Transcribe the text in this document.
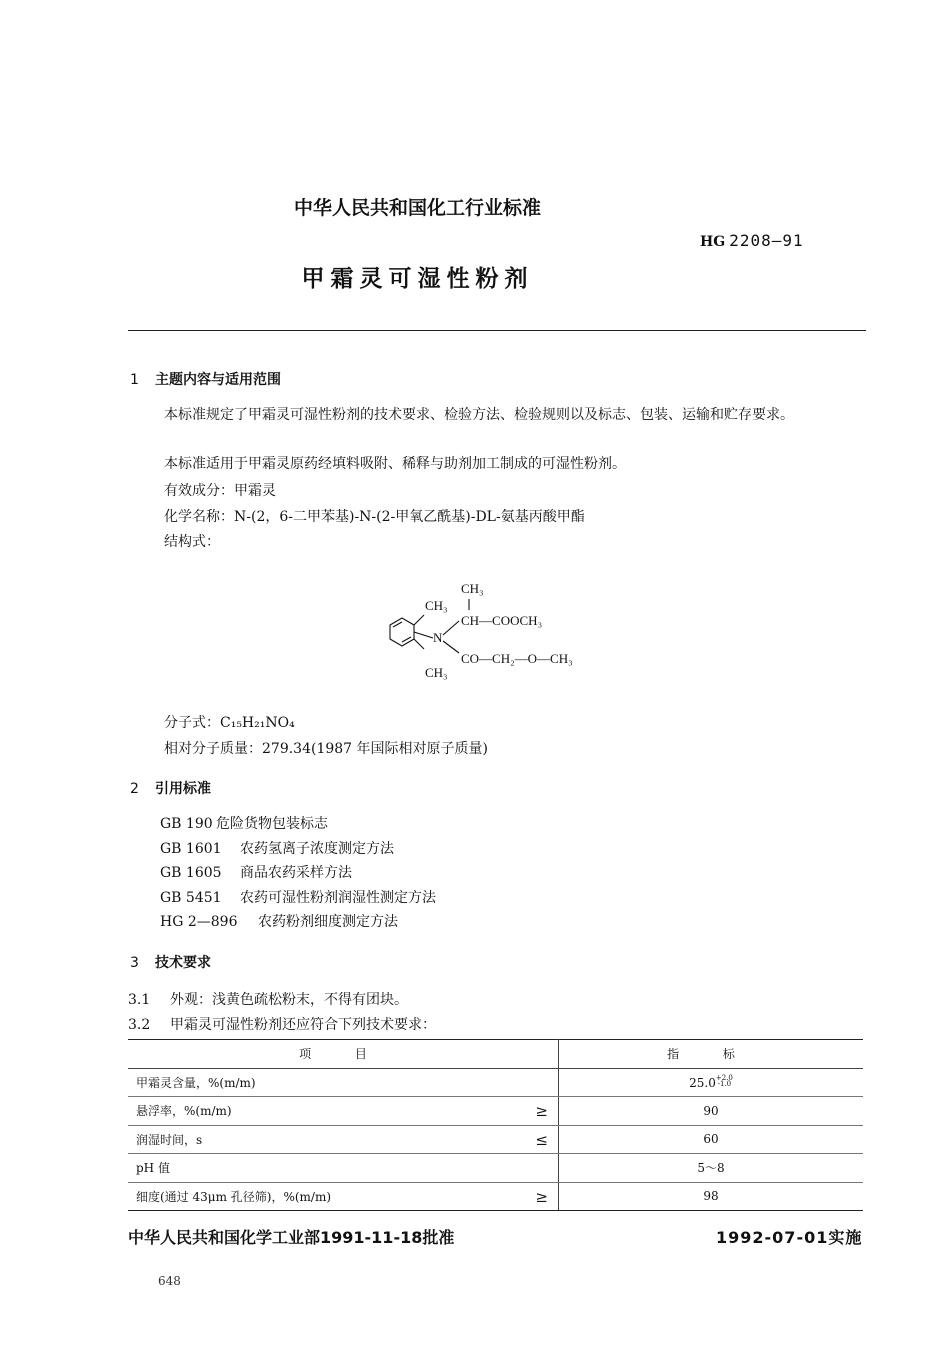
中华人民共和国化工行业标准
HG 2208—91
甲霜灵可湿性粉剂
1 主题内容与适用范围
本标准规定了甲霜灵可湿性粉剂的技术要求、检验方法、检验规则以及标志、包装、运输和贮存要求。
本标准适用于甲霜灵原药经填料吸附、稀释与助剂加工制成的可湿性粉剂。
有效成分：甲霜灵
化学名称：N-(2，6-二甲苯基)-N-(2-甲氧乙酰基)-DL-氨基丙酸甲酯
结构式：
CH₃
CH₃
CH—COOCH₃
N
CO—CH₂—O—CH₃
CH₃
分子式：C₁₅H₂₁NO₄
相对分子质量：279.34(1987 年国际相对原子质量)
2 引用标准
GB 190 危险货物包装标志
GB 1601 农药氢离子浓度测定方法
GB 1605 商品农药采样方法
GB 5451 农药可湿性粉剂润湿性测定方法
HG 2—896 农药粉剂细度测定方法
3 技术要求
3.1 外观：浅黄色疏松粉末，不得有团块。
3.2 甲霜灵可湿性粉剂还应符合下列技术要求：
项 目	指 标
甲霜灵含量，%(m/m)	25.0+2.0
-1.0
悬浮率，%(m/m) ≥	90
润湿时间，s ≤	60
pH 值	5～8
细度(通过 43μm 孔径筛)，%(m/m) ≥	98
中华人民共和国化学工业部1991-11-18批准	1992-07-01实施
648
